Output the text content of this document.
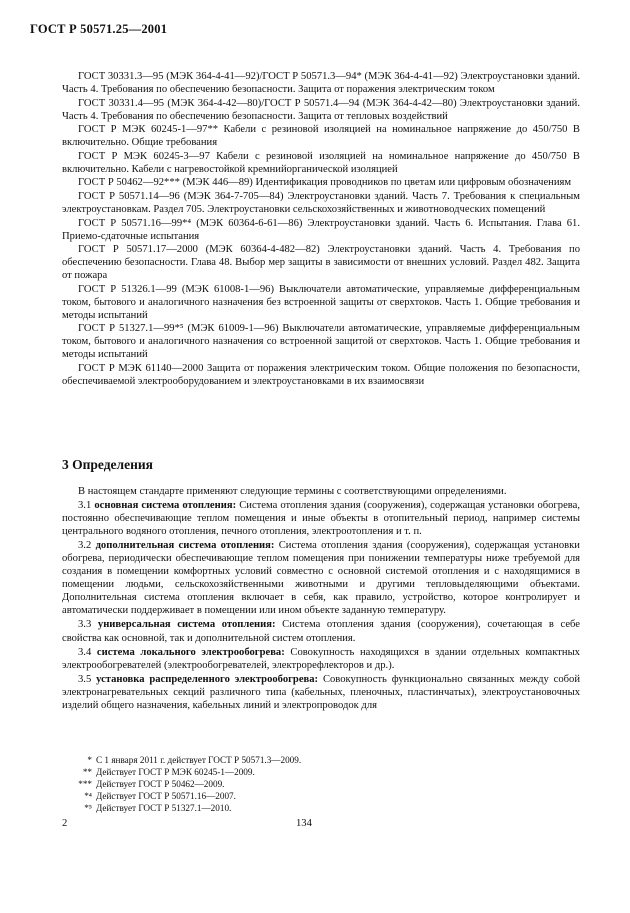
ГОСТ Р 50571.25—2001

ГОСТ 30331.3—95 (МЭК 364-4-41—92)/ГОСТ Р 50571.3—94* (МЭК 364-4-41—92) Электроустановки зданий. Часть 4. Требования по обеспечению безопасности. Защита от поражения электрическим током

ГОСТ 30331.4—95 (МЭК 364-4-42—80)/ГОСТ Р 50571.4—94 (МЭК 364-4-42—80) Электроустановки зданий. Часть 4. Требования по обеспечению безопасности. Защита от тепловых воздействий

ГОСТ Р МЭК 60245-1—97** Кабели с резиновой изоляцией на номинальное напряжение до 450/750 В включительно. Общие требования

ГОСТ Р МЭК 60245-3—97 Кабели с резиновой изоляцией на номинальное напряжение до 450/750 В включительно. Кабели с нагревостойкой кремнийорганической изоляцией

ГОСТ Р 50462—92*** (МЭК 446—89) Идентификация проводников по цветам или цифровым обозначениям

ГОСТ Р 50571.14—96 (МЭК 364-7-705—84) Электроустановки зданий. Часть 7. Требования к специальным электроустановкам. Раздел 705. Электроустановки сельскохозяйственных и животноводческих помещений

ГОСТ Р 50571.16—99*⁴ (МЭК 60364-6-61—86) Электроустановки зданий. Часть 6. Испытания. Глава 61. Приемо-сдаточные испытания

ГОСТ Р 50571.17—2000 (МЭК 60364-4-482—82) Электроустановки зданий. Часть 4. Требования по обеспечению безопасности. Глава 48. Выбор мер защиты в зависимости от внешних условий. Раздел 482. Защита от пожара

ГОСТ Р 51326.1—99 (МЭК 61008-1—96) Выключатели автоматические, управляемые дифференциальным током, бытового и аналогичного назначения без встроенной защиты от сверхтоков. Часть 1. Общие требования и методы испытаний

ГОСТ Р 51327.1—99*⁵ (МЭК 61009-1—96) Выключатели автоматические, управляемые дифференциальным током, бытового и аналогичного назначения со встроенной защитой от сверхтоков. Часть 1. Общие требования и методы испытаний

ГОСТ Р МЭК 61140—2000 Защита от поражения электрическим током. Общие положения по безопасности, обеспечиваемой электрооборудованием и электроустановками в их взаимосвязи

3 Определения

В настоящем стандарте применяют следующие термины с соответствующими определениями.

3.1 основная система отопления: Система отопления здания (сооружения), содержащая установки обогрева, постоянно обеспечивающие теплом помещения и иные объекты в отопительный период, например системы центрального водяного отопления, печного отопления, электроотопления и т. п.

3.2 дополнительная система отопления: Система отопления здания (сооружения), содержащая установки обогрева, периодически обеспечивающие теплом помещения при понижении температуры ниже требуемой для создания в помещении комфортных условий совместно с основной системой отопления и с находящимися в помещении людьми, сельскохозяйственными животными и другими тепловыделяющими объектами. Дополнительная система отопления включает в себя, как правило, устройство, которое контролирует и автоматически поддерживает в помещении или ином объекте заданную температуру.

3.3 универсальная система отопления: Система отопления здания (сооружения), сочетающая в себе свойства как основной, так и дополнительной систем отопления.

3.4 система локального электрообогрева: Совокупность находящихся в здании отдельных компактных электрообогревателей (электрообогревателей, электрорефлекторов и др.).

3.5 установка распределенного электрообогрева: Совокупность функционально связанных между собой электронагревательных секций различного типа (кабельных, пленочных, пластинчатых), электроустановочных изделий общего назначения, кабельных линий и электропроводок для

* С 1 января 2011 г. действует ГОСТ Р 50571.3—2009.
** Действует ГОСТ Р МЭК 60245-1—2009.
*** Действует ГОСТ Р 50462—2009.
*⁴ Действует ГОСТ Р 50571.16—2007.
*⁵ Действует ГОСТ Р 51327.1—2010.
2	134
